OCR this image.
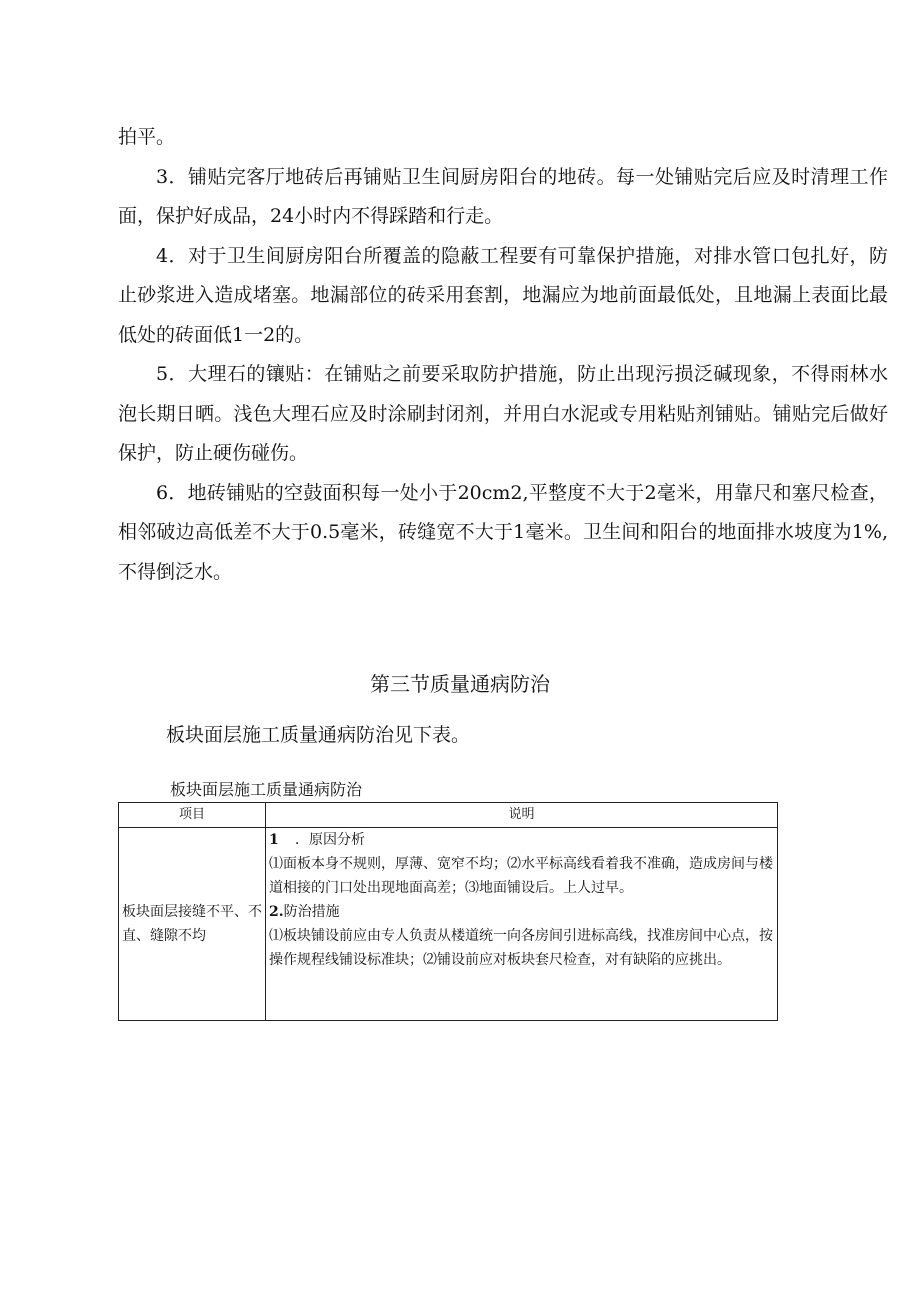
拍平。

3．铺贴完客厅地砖后再铺贴卫生间厨房阳台的地砖。每一处铺贴完后应及时清理工作面，保护好成品，24小时内不得踩踏和行走。

4．对于卫生间厨房阳台所覆盖的隐蔽工程要有可靠保护措施，对排水管口包扎好，防止砂浆进入造成堵塞。地漏部位的砖采用套割，地漏应为地前面最低处，且地漏上表面比最低处的砖面低1一2的。

5．大理石的镶贴：在铺贴之前要采取防护措施，防止出现污损泛碱现象，不得雨林水泡长期日晒。浅色大理石应及时涂刷封闭剂，并用白水泥或专用粘贴剂铺贴。铺贴完后做好保护，防止硬伤碰伤。

6．地砖铺贴的空鼓面积每一处小于20cm2,平整度不大于2毫米，用靠尺和塞尺检查，相邻破边高低差不大于0.5毫米，砖缝宽不大于1毫米。卫生间和阳台的地面排水坡度为1%,不得倒泛水。

第三节质量通病防治
板块面层施工质量通病防治见下表。
板块面层施工质量通病防治
项目	说明
板块面层接缝不平、不直、缝隙不均	1 ．原因分析
⑴面板本身不规则，厚薄、宽窄不均；⑵水平标高线看着我不准确，造成房间与楼道相接的门口处出现地面高差；⑶地面铺设后。上人过早。
2.防治措施
⑴板块铺设前应由专人负责从楼道统一向各房间引进标高线，找准房间中心点，按操作规程线铺设标准块；⑵铺设前应对板块套尺检查，对有缺陷的应挑出。
